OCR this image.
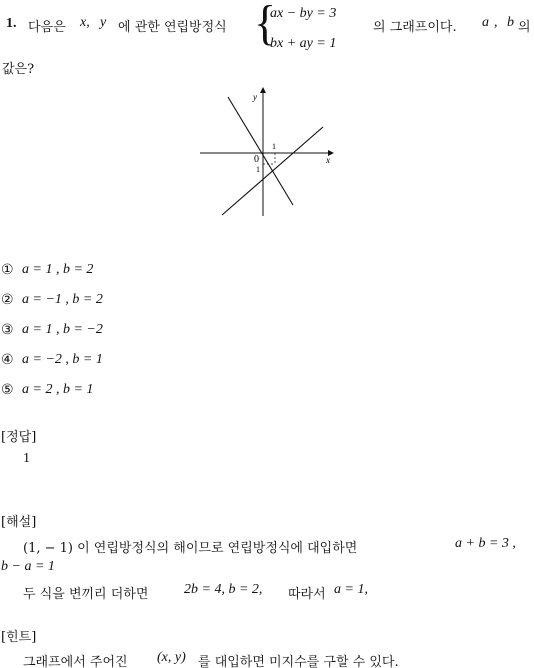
1. 다음은 x, y 에 관한 연립방정식 {
ax − by = 3
bx + ay = 1
의 그래프이다. a , b 의
값은?
x
y
0
1
1
① a = 1 , b = 2
② a = −1 , b = 2
③ a = 1 , b = −2
④ a = −2 , b = 1
⑤ a = 2 , b = 1
[정답]
1
[해설]
(1, − 1) 이 연립방정식의 해이므로 연립방정식에 대입하면	a + b = 3 ,
b − a = 1
두 식을 변끼리 더하면	2b = 4, b = 2, 따라서 a = 1,
[힌트]
그래프에서 주어진 (x, y) 를 대입하면 미지수를 구할 수 있다.
